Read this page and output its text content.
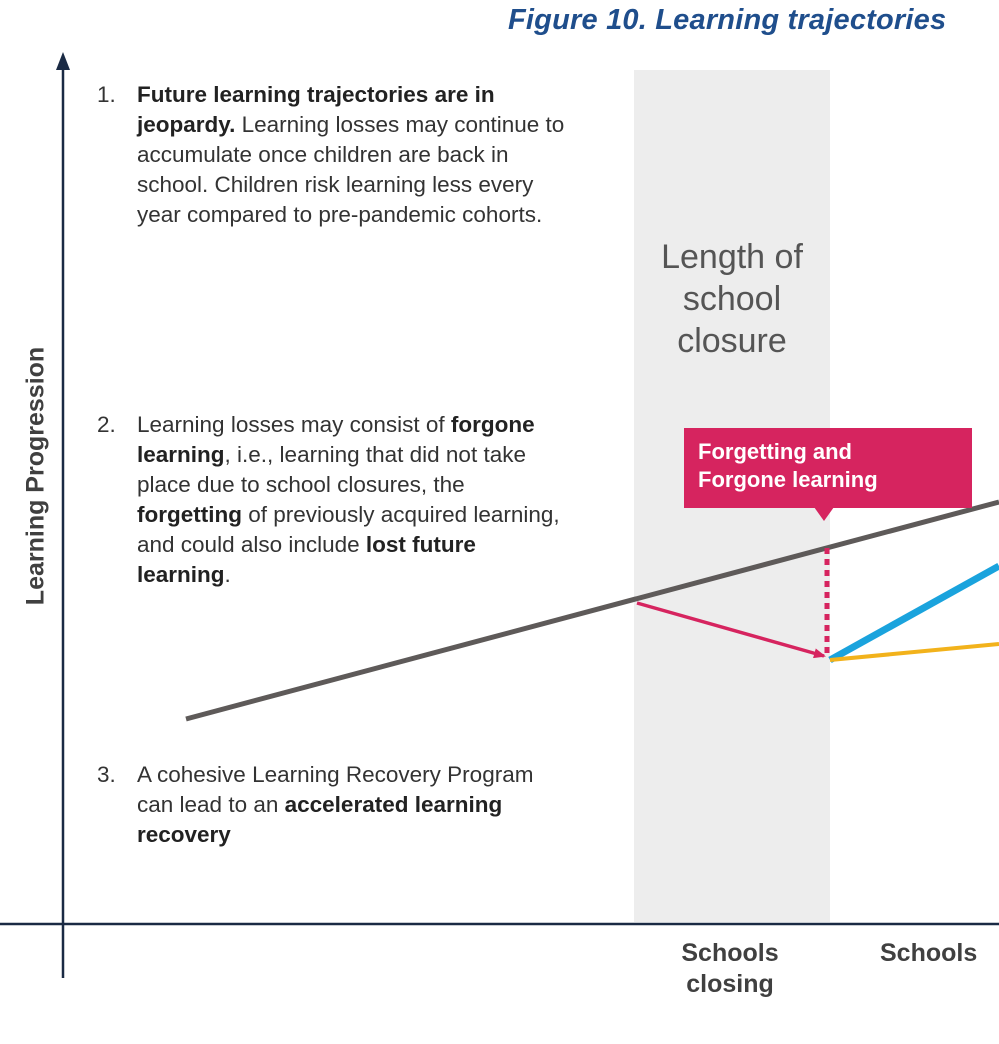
Figure 10. Learning trajectories
Length of
school
closure
Learning Progression	Forgetting and
Forgone learning
1. Future learning trajectories are in jeopardy. Learning losses may continue to accumulate once children are back in school. Children risk learning less every year compared to pre-pandemic cohorts.
2. Learning losses may consist of forgone learning, i.e., learning that did not take place due to school closures, the forgetting of previously acquired learning, and could also include lost future learning.
3. A cohesive Learning Recovery Program can lead to an accelerated learning recovery
Schools
closing
Schools
